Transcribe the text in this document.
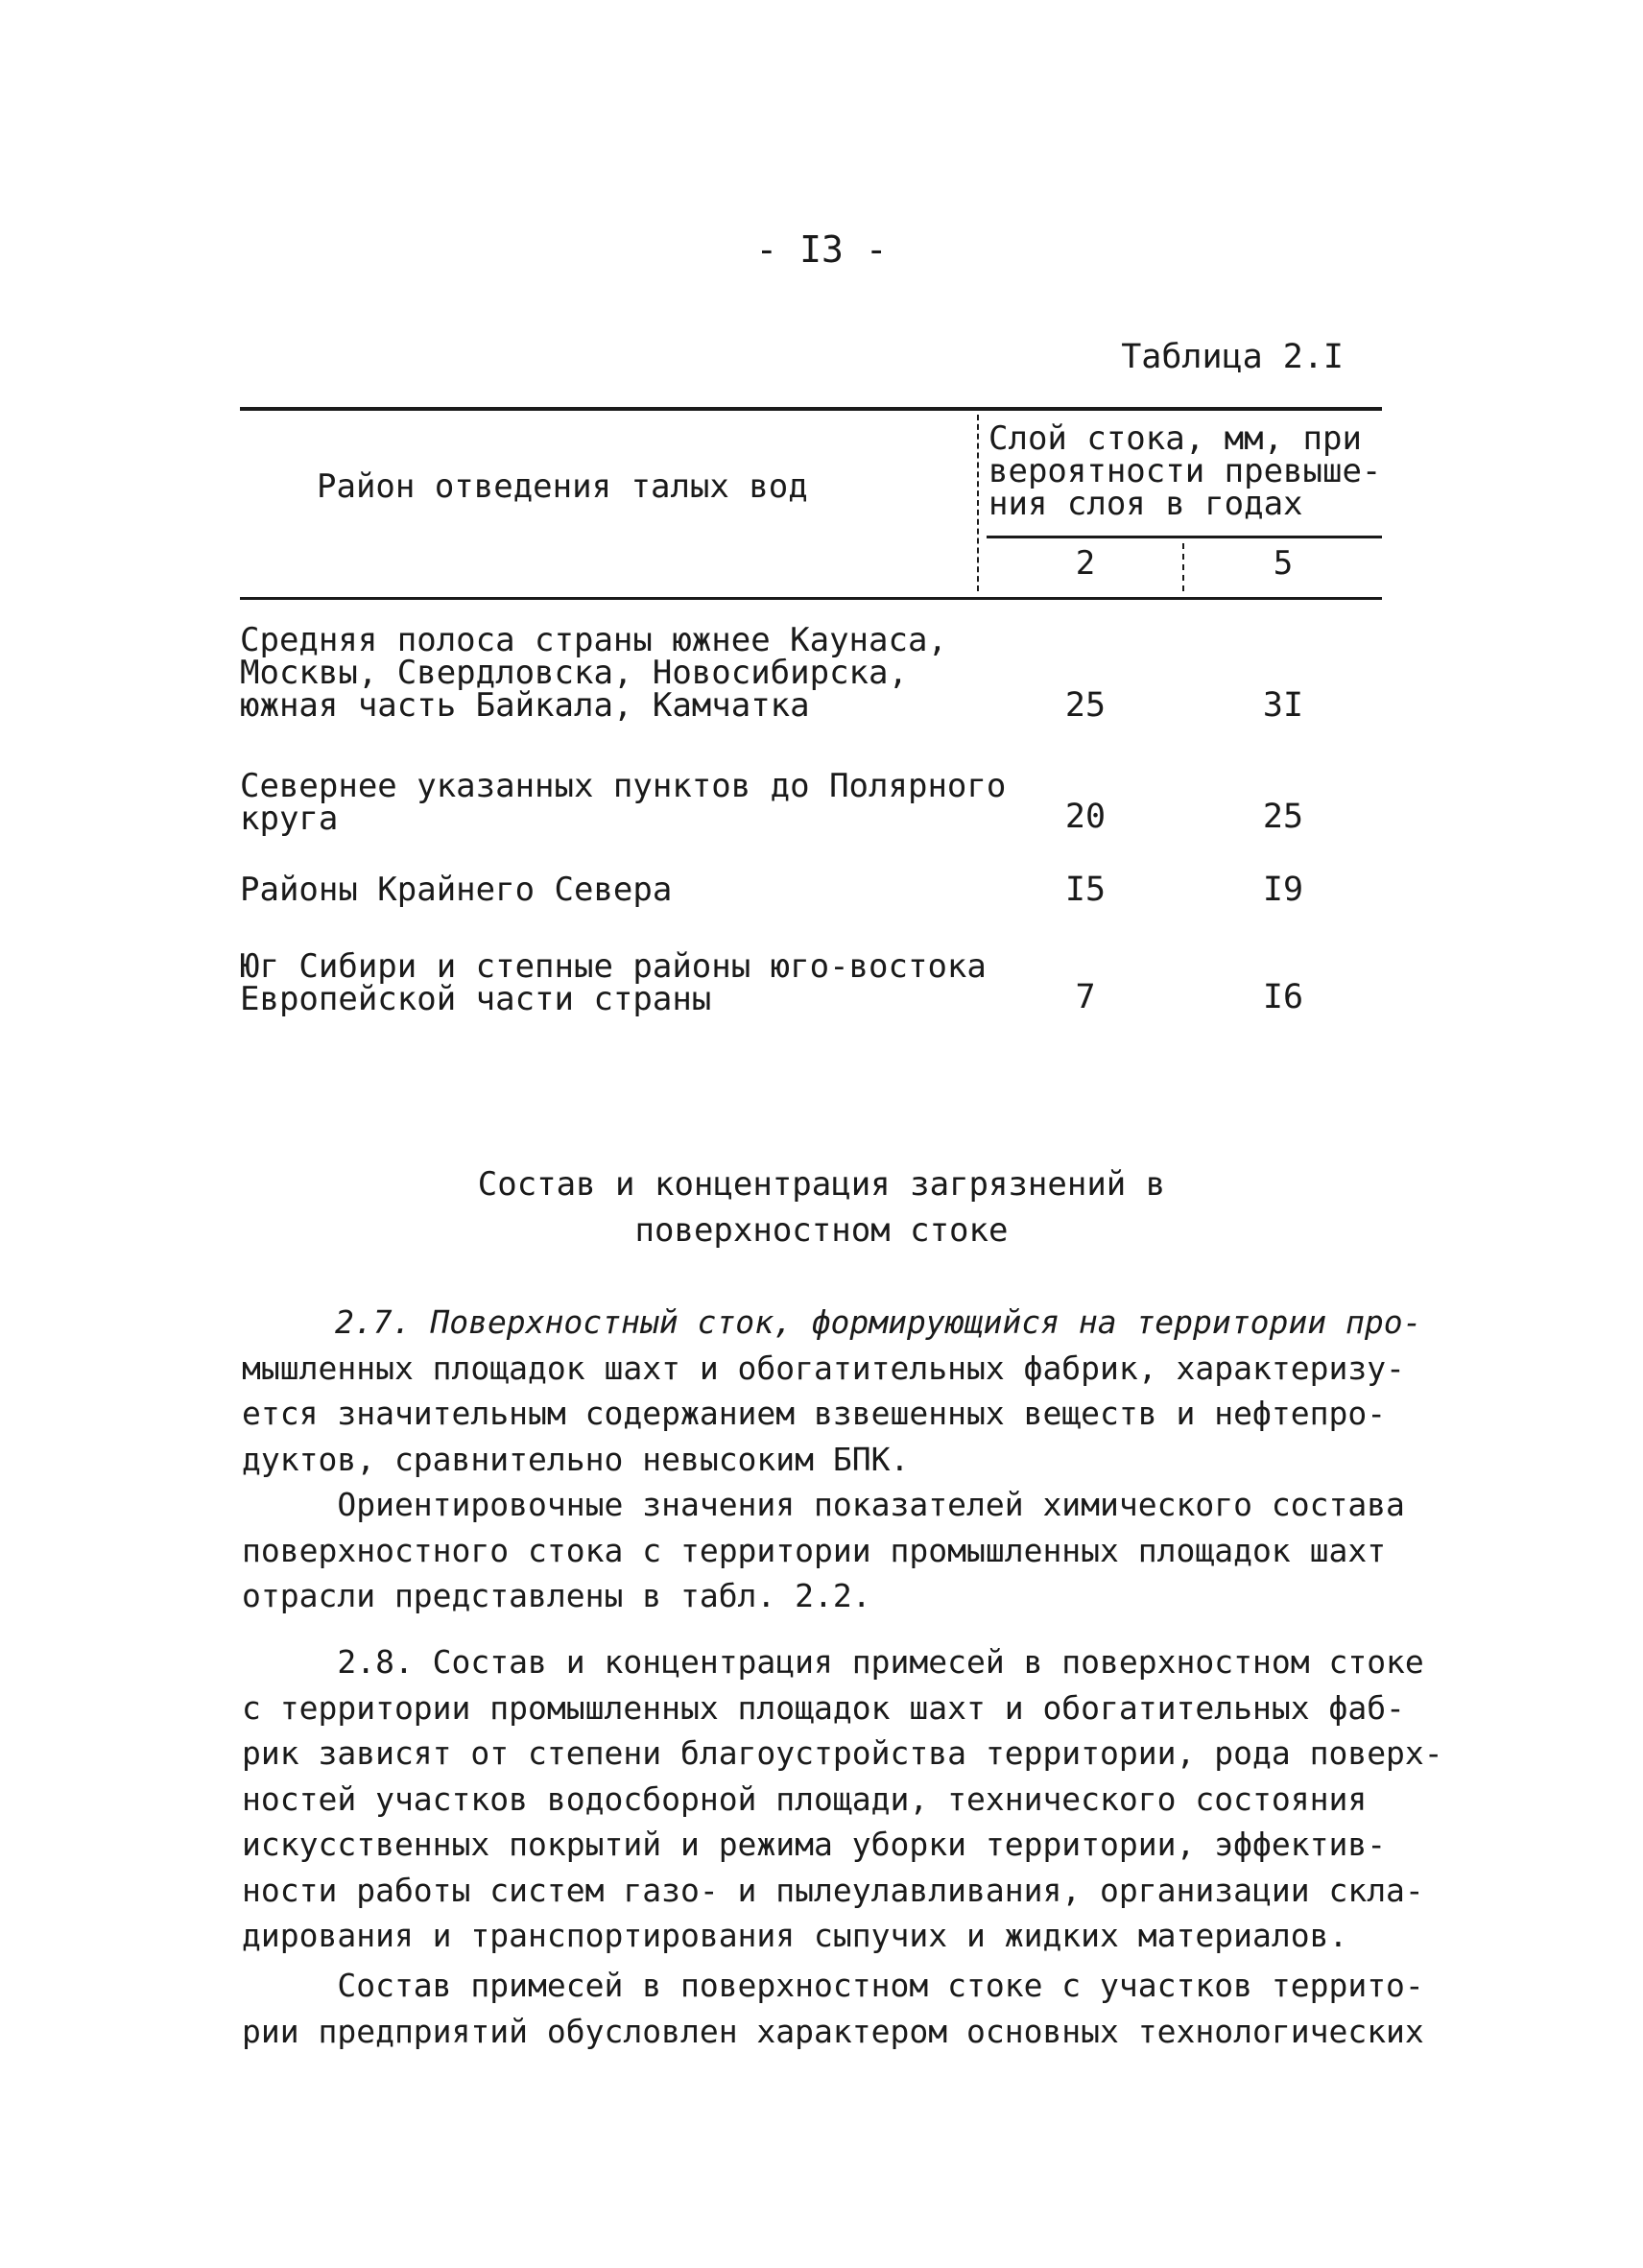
- I3 -
Таблица 2.I
Район отведения талых вод
Слой стока, мм, при
вероятности превыше-
ния слоя в годах
2	5
Средняя полоса страны южнее Каунаса,
Москвы, Свердловска, Новосибирска,
южная часть Байкала, Камчатка	25	3I
Севернее указанных пунктов до Полярного
круга	20	25
Районы Крайнего Севера	I5	I9
Юг Сибири и степные районы юго-востока
Европейской части страны	7	I6
Состав и концентрация загрязнений в
поверхностном стоке
2.7. Поверхностный сток, формирующийся на территории про-
мышленных площадок шахт и обогатительных фабрик, характеризу-
ется значительным содержанием взвешенных веществ и нефтепро-
дуктов, сравнительно невысоким БПК.
Ориентировочные значения показателей химического состава
поверхностного стока с территории промышленных площадок шахт
отрасли представлены в табл. 2.2.
2.8. Состав и концентрация примесей в поверхностном стоке
с территории промышленных площадок шахт и обогатительных фаб-
рик зависят от степени благоустройства территории, рода поверх-
ностей участков водосборной площади, технического состояния
искусственных покрытий и режима уборки территории, эффектив-
ности работы систем газо- и пылеулавливания, организации скла-
дирования и транспортирования сыпучих и жидких материалов.
Состав примесей в поверхностном стоке с участков террито-
рии предприятий обусловлен характером основных технологических
